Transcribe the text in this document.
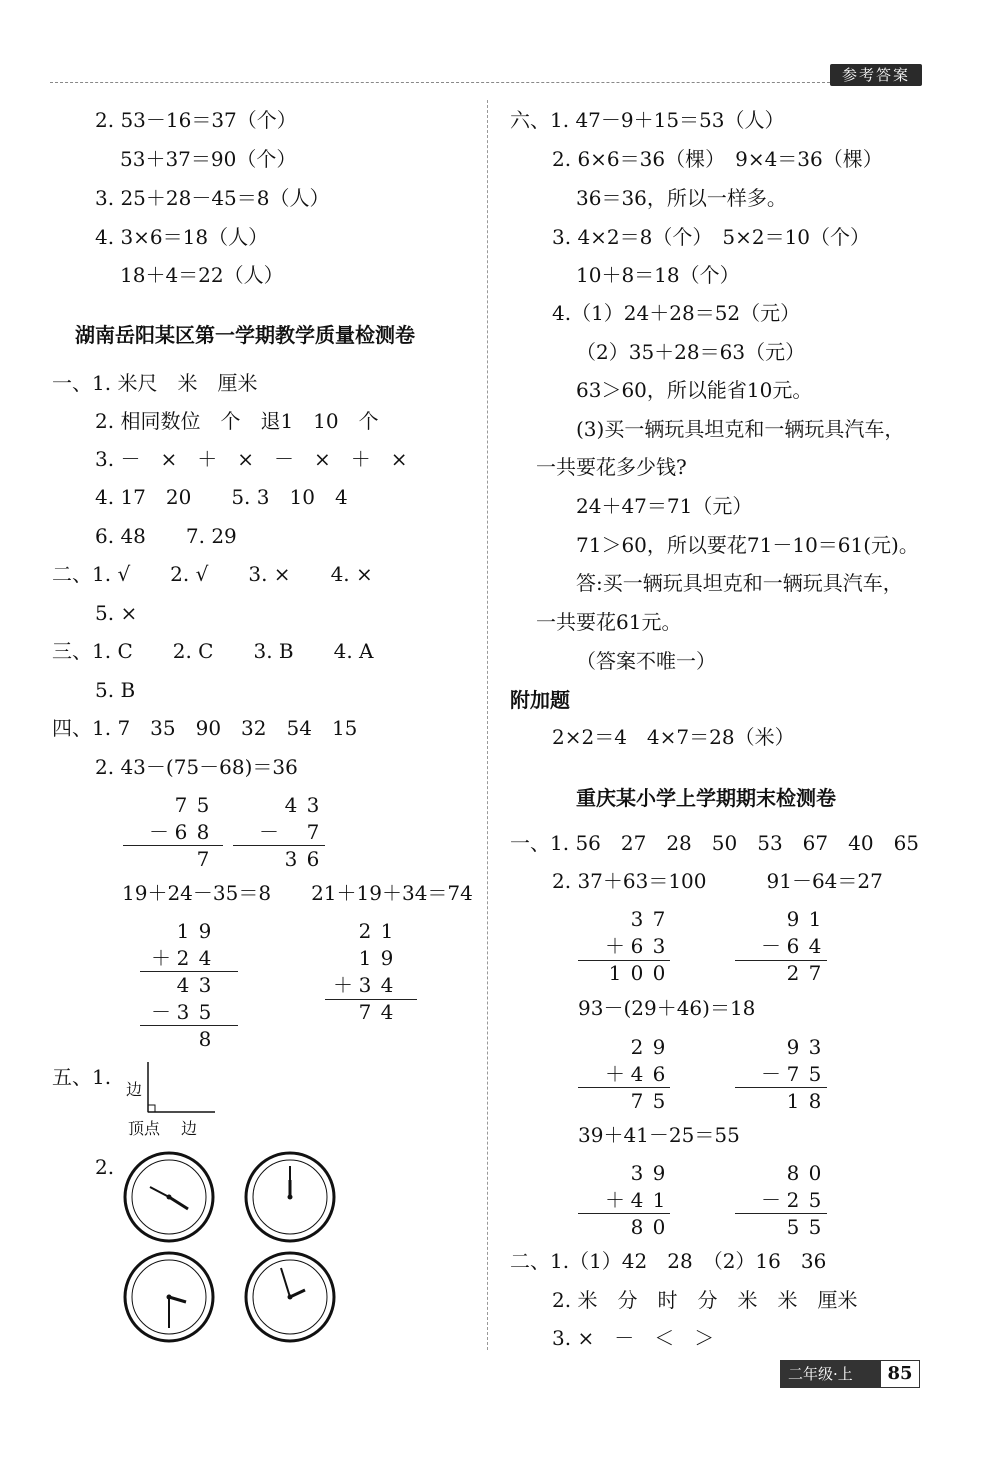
参考答案
2. 53－16＝37（个）
53＋37＝90（个）
3. 25＋28－45＝8（人）
4. 3×6＝18（人）
18＋4＝22（人）
湖南岳阳某区第一学期教学质量检测卷
一、1. 米尺　米　厘米
2. 相同数位　个　退1　10　个
3. －　×　＋　×　－　×　＋　×
4. 17　20　　5. 3　10　4
6. 48　　7. 29
二、1. √　　2. √　　3. ×　　4. ×
5. ×
三、1. C　　2. C　　3. B　　4. A
5. B
四、1. 7　35　90　32　54　15
2. 43－(75－68)＝36
7 5
－ 6 8
7
4 3
－ 7
3 6
19＋24－35＝8　　21＋19＋34＝74
1 9
＋ 2 4
4 3
－ 3 5
8
2 1
1 9
＋ 3 4
7 4
五、1.
边
顶点 边
2.
六、1. 47－9＋15＝53（人）
2. 6×6＝36（棵）　9×4＝36（棵）
36＝36，所以一样多。
3. 4×2＝8（个）　5×2＝10（个）
10＋8＝18（个）
4.（1）24＋28＝52（元）
（2）35＋28＝63（元）
63＞60，所以能省10元。
(3)买一辆玩具坦克和一辆玩具汽车，
一共要花多少钱?
24＋47＝71（元）
71＞60，所以要花71－10＝61(元)。
答:买一辆玩具坦克和一辆玩具汽车，
一共要花61元。
（答案不唯一）
附加题
2×2＝4　4×7＝28（米）
重庆某小学上学期期末检测卷
一、1. 56　27　28　50　53　67　40　65
2. 37＋63＝100　　　91－64＝27
3 7
＋ 6 3
1 0 0
9 1
－ 6 4
2 7
93－(29＋46)＝18
2 9
＋ 4 6
7 5
9 3
－ 7 5
1 8
39＋41－25＝55
3 9
＋ 4 1
8 0
8 0
－ 2 5
5 5
二、1.（1）42　28　（2）16　36
2. 米　分　时　分　米　米　厘米
3. ×　－　＜　＞
二年级·上	85
